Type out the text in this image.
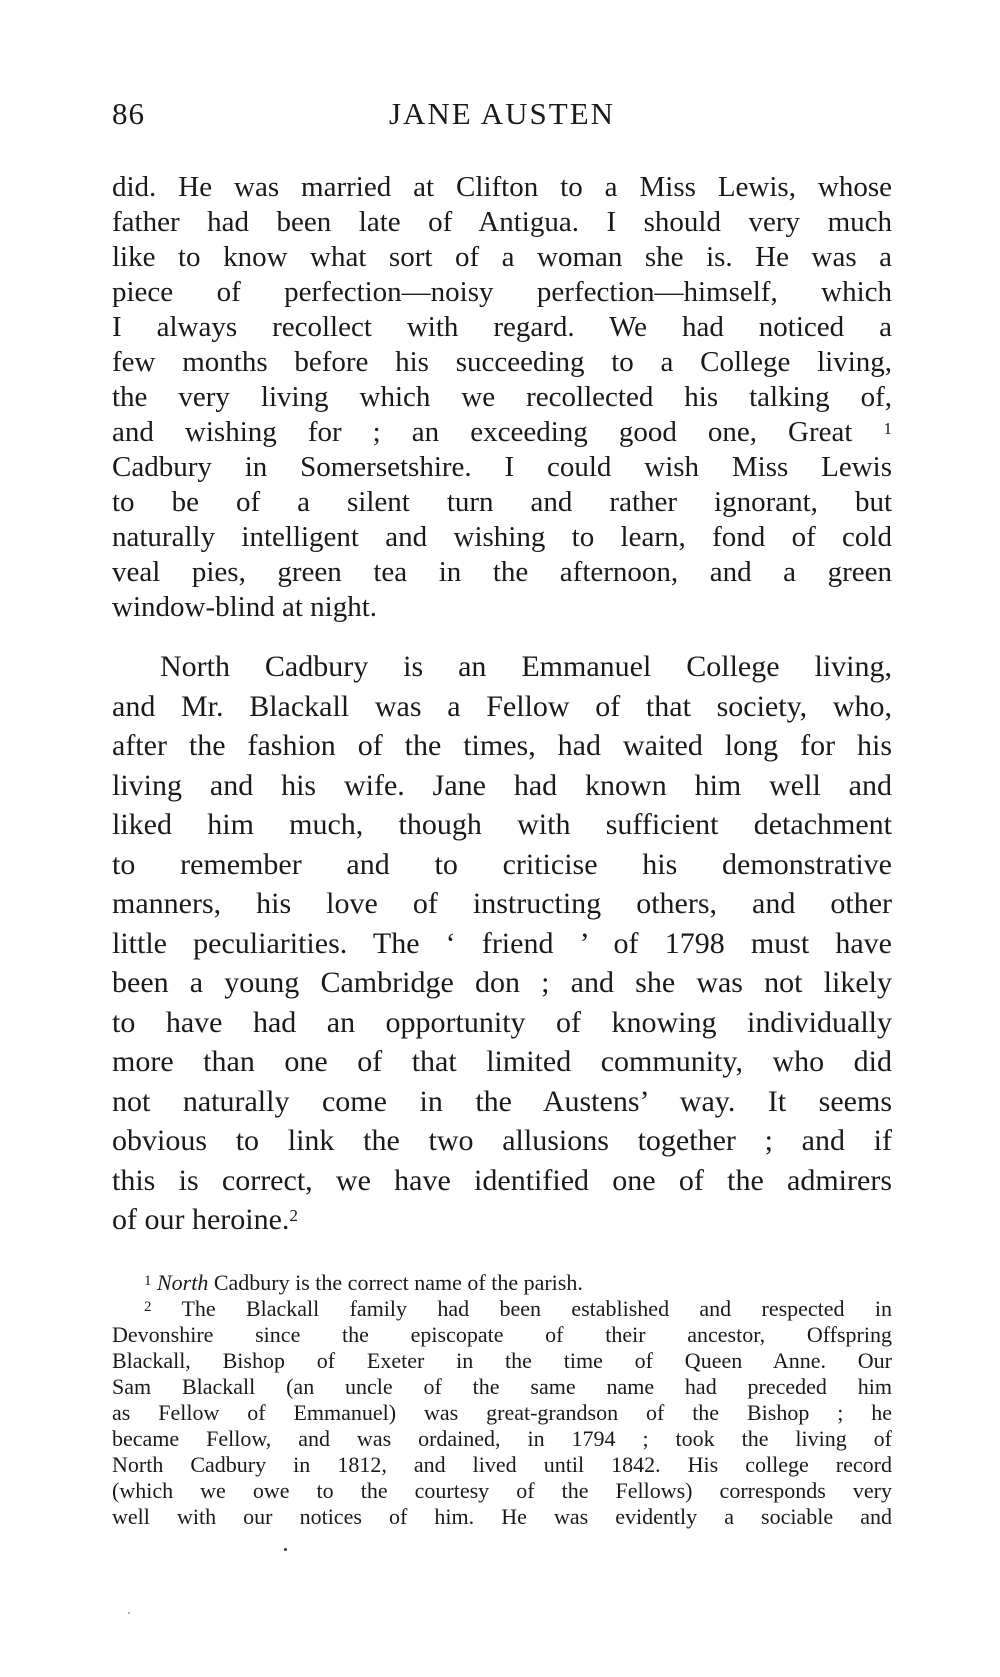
86	JANE AUSTEN
did. He was married at Clifton to a Miss Lewis, whose
father had been late of Antigua. I should very much
like to know what sort of a woman she is. He was a
piece of perfection—noisy perfection—himself, which
I always recollect with regard. We had noticed a
few months before his succeeding to a College living,
the very living which we recollected his talking of,
and wishing for ; an exceeding good one, Great $^1$
Cadbury in Somersetshire. I could wish Miss Lewis
to be of a silent turn and rather ignorant, but
naturally intelligent and wishing to learn, fond of cold
veal pies, green tea in the afternoon, and a green
window-blind at night.
North Cadbury is an Emmanuel College living,
and Mr. Blackall was a Fellow of that society, who,
after the fashion of the times, had waited long for his
living and his wife. Jane had known him well and
liked him much, though with sufficient detachment
to remember and to criticise his demonstrative
manners, his love of instructing others, and other
little peculiarities. The ‘ friend ’ of 1798 must have
been a young Cambridge don ; and she was not likely
to have had an opportunity of knowing individually
more than one of that limited community, who did
not naturally come in the Austens’ way. It seems
obvious to link the two allusions together ; and if
this is correct, we have identified one of the admirers
of our heroine.$^2$
$^1$ North Cadbury is the correct name of the parish.
$^2$ The Blackall family had been established and respected in
Devonshire since the episcopate of their ancestor, Offspring
Blackall, Bishop of Exeter in the time of Queen Anne. Our
Sam Blackall (an uncle of the same name had preceded him
as Fellow of Emmanuel) was great-grandson of the Bishop ; he
became Fellow, and was ordained, in 1794 ; took the living of
North Cadbury in 1812, and lived until 1842. His college record
(which we owe to the courtesy of the Fellows) corresponds very
well with our notices of him. He was evidently a sociable and
